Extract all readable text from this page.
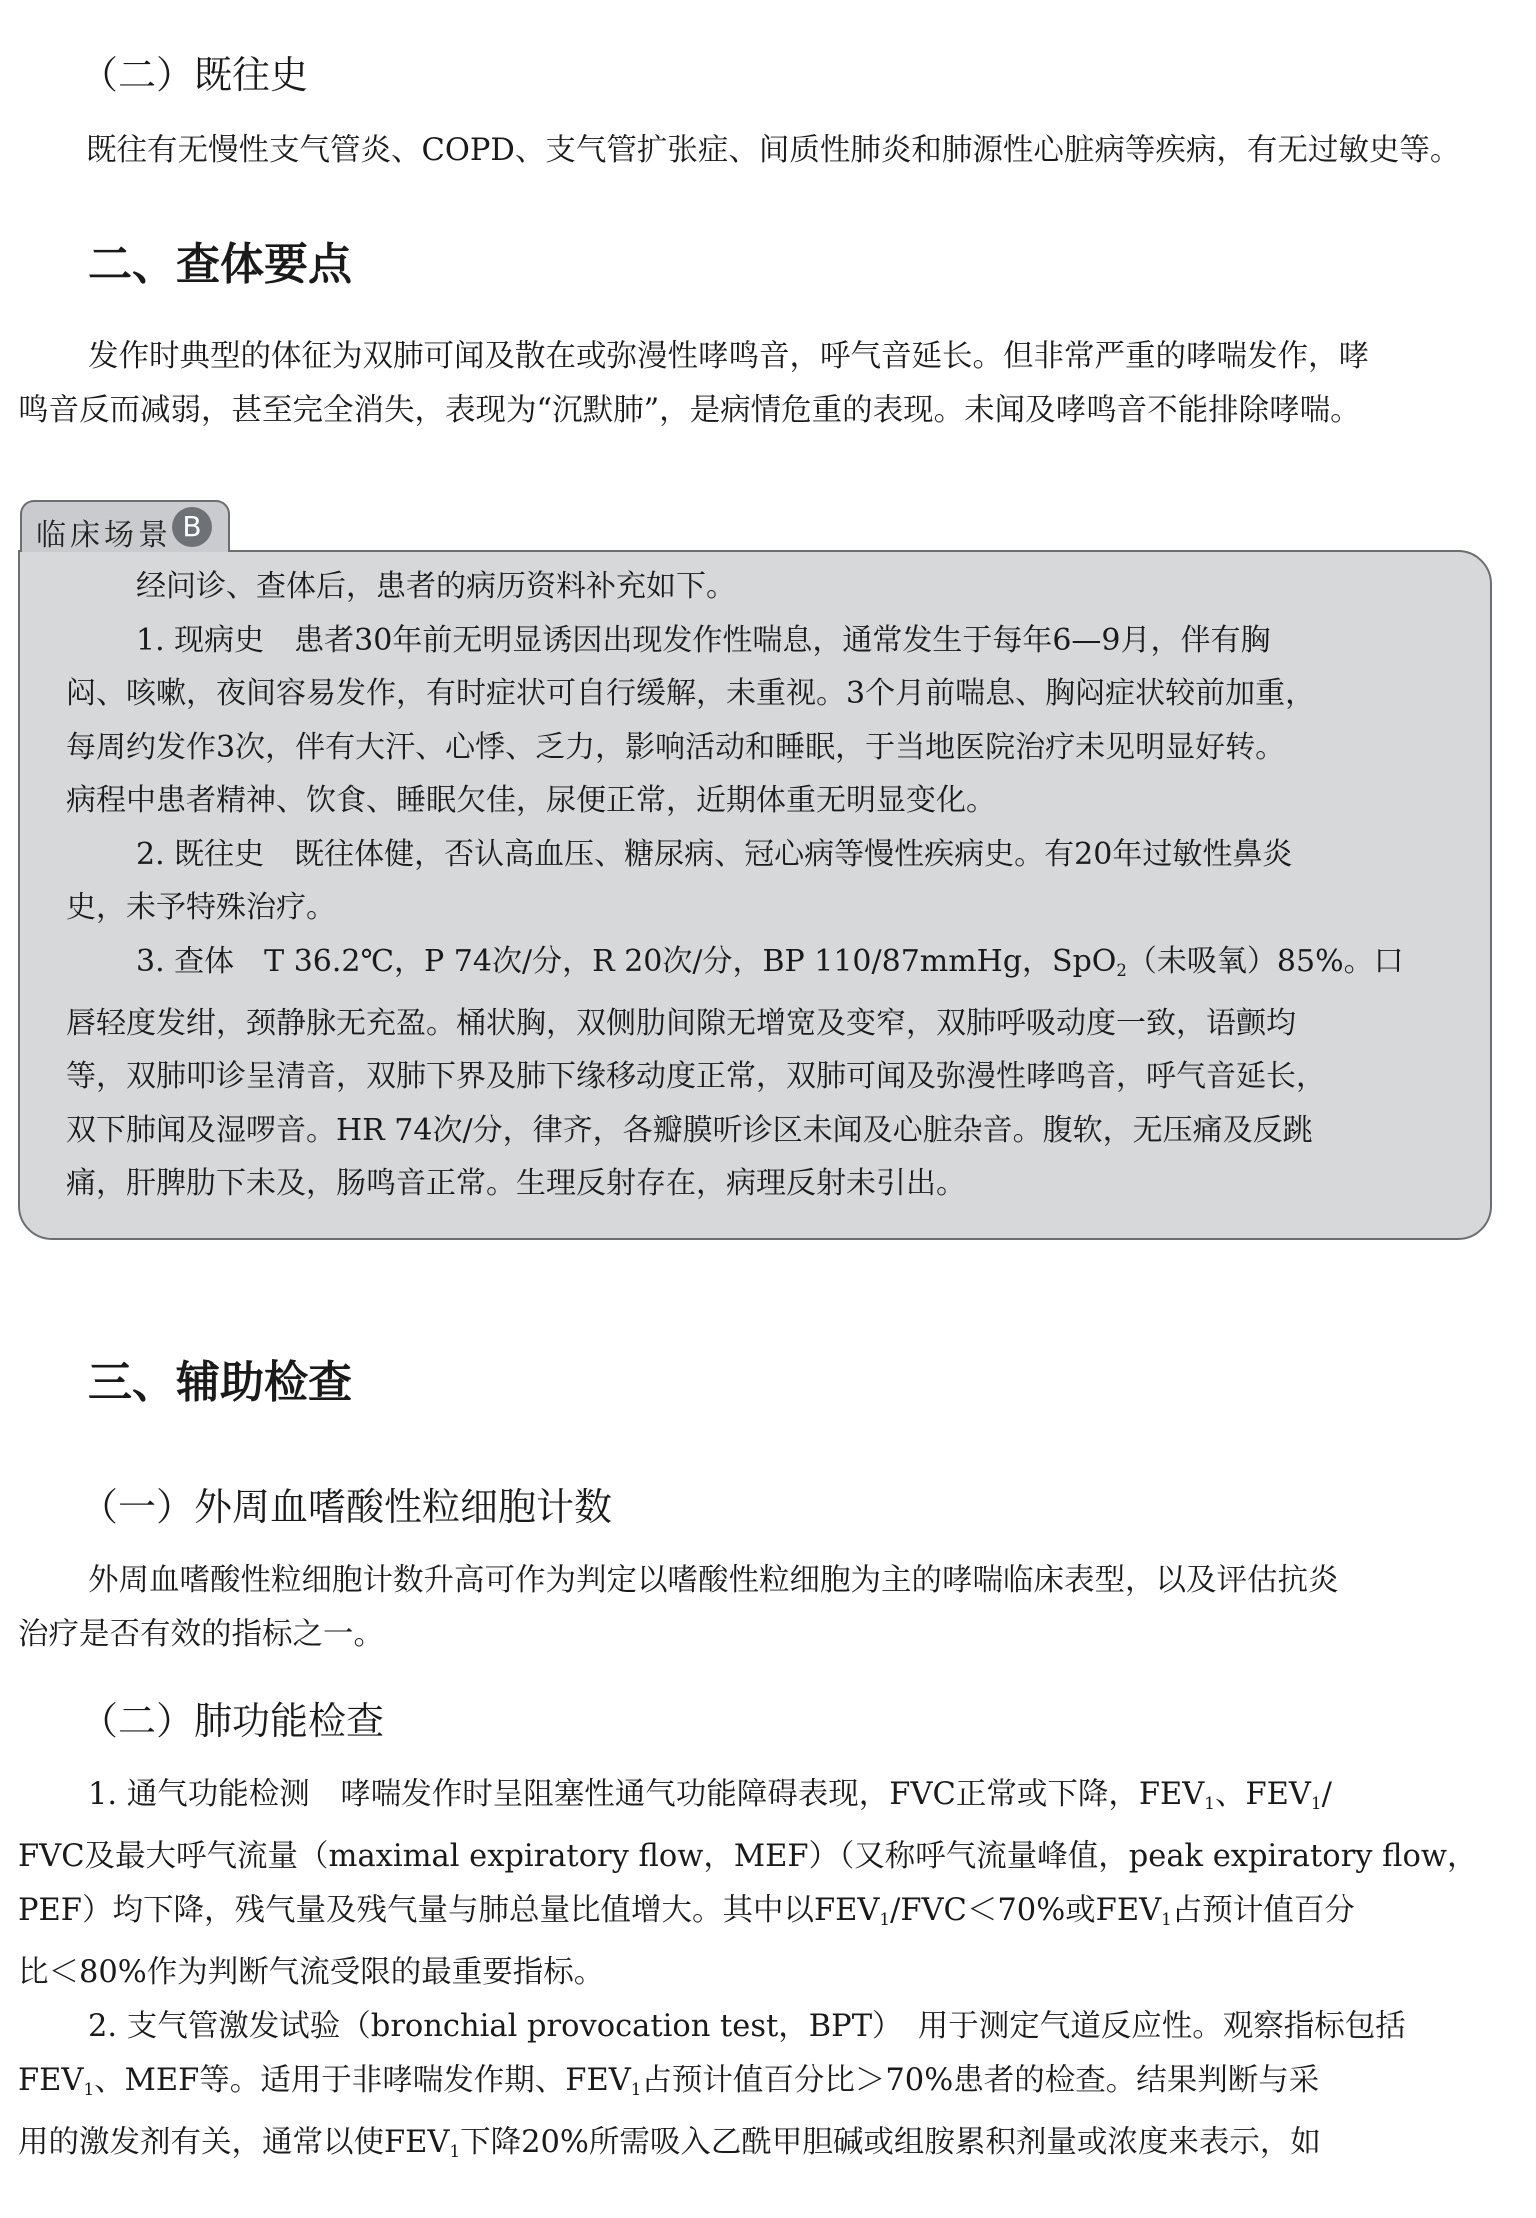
（二）既往史

既往有无慢性支气管炎、COPD、支气管扩张症、间质性肺炎和肺源性心脏病等疾病，有无过敏史等。

二、查体要点

发作时典型的体征为双肺可闻及散在或弥漫性哮鸣音，呼气音延长。但非常严重的哮喘发作，哮
鸣音反而减弱，甚至完全消失，表现为“沉默肺”，是病情危重的表现。未闻及哮鸣音不能排除哮喘。

临床场景 B
经问诊、查体后，患者的病历资料补充如下。
1. 现病史　患者30年前无明显诱因出现发作性喘息，通常发生于每年6—9月，伴有胸
闷、咳嗽，夜间容易发作，有时症状可自行缓解，未重视。3个月前喘息、胸闷症状较前加重，
每周约发作3次，伴有大汗、心悸、乏力，影响活动和睡眠，于当地医院治疗未见明显好转。
病程中患者精神、饮食、睡眠欠佳，尿便正常，近期体重无明显变化。
2. 既往史　既往体健，否认高血压、糖尿病、冠心病等慢性疾病史。有20年过敏性鼻炎
史，未予特殊治疗。
3. 查体　T 36.2℃，P 74次/分，R 20次/分，BP 110/87mmHg，SpO$_2$（未吸氧）85%。口
唇轻度发绀，颈静脉无充盈。桶状胸，双侧肋间隙无增宽及变窄，双肺呼吸动度一致，语颤均
等，双肺叩诊呈清音，双肺下界及肺下缘移动度正常，双肺可闻及弥漫性哮鸣音，呼气音延长，
双下肺闻及湿啰音。HR 74次/分，律齐，各瓣膜听诊区未闻及心脏杂音。腹软，无压痛及反跳
痛，肝脾肋下未及，肠鸣音正常。生理反射存在，病理反射未引出。
三、辅助检查
（一）外周血嗜酸性粒细胞计数

外周血嗜酸性粒细胞计数升高可作为判定以嗜酸性粒细胞为主的哮喘临床表型，以及评估抗炎
治疗是否有效的指标之一。

（二）肺功能检查

1. 通气功能检测　哮喘发作时呈阻塞性通气功能障碍表现，FVC正常或下降，$FEV_1$、$FEV_1/$
FVC及最大呼气流量（maximal expiratory flow，MEF）（又称呼气流量峰值，peak expiratory flow，
PEF）均下降，残气量及残气量与肺总量比值增大。其中以$FEV_1/FVC<70\%$或$FEV_1$占预计值百分
比＜80%作为判断气流受限的最重要指标。
2. 支气管激发试验（bronchial provocation test，BPT）　用于测定气道反应性。观察指标包括
$FEV_1$、MEF等。适用于非哮喘发作期、$FEV_1$占预计值百分比＞70%患者的检查。结果判断与采
用的激发剂有关，通常以使$FEV_1$下降20%所需吸入乙酰甲胆碱或组胺累积剂量或浓度来表示，如
